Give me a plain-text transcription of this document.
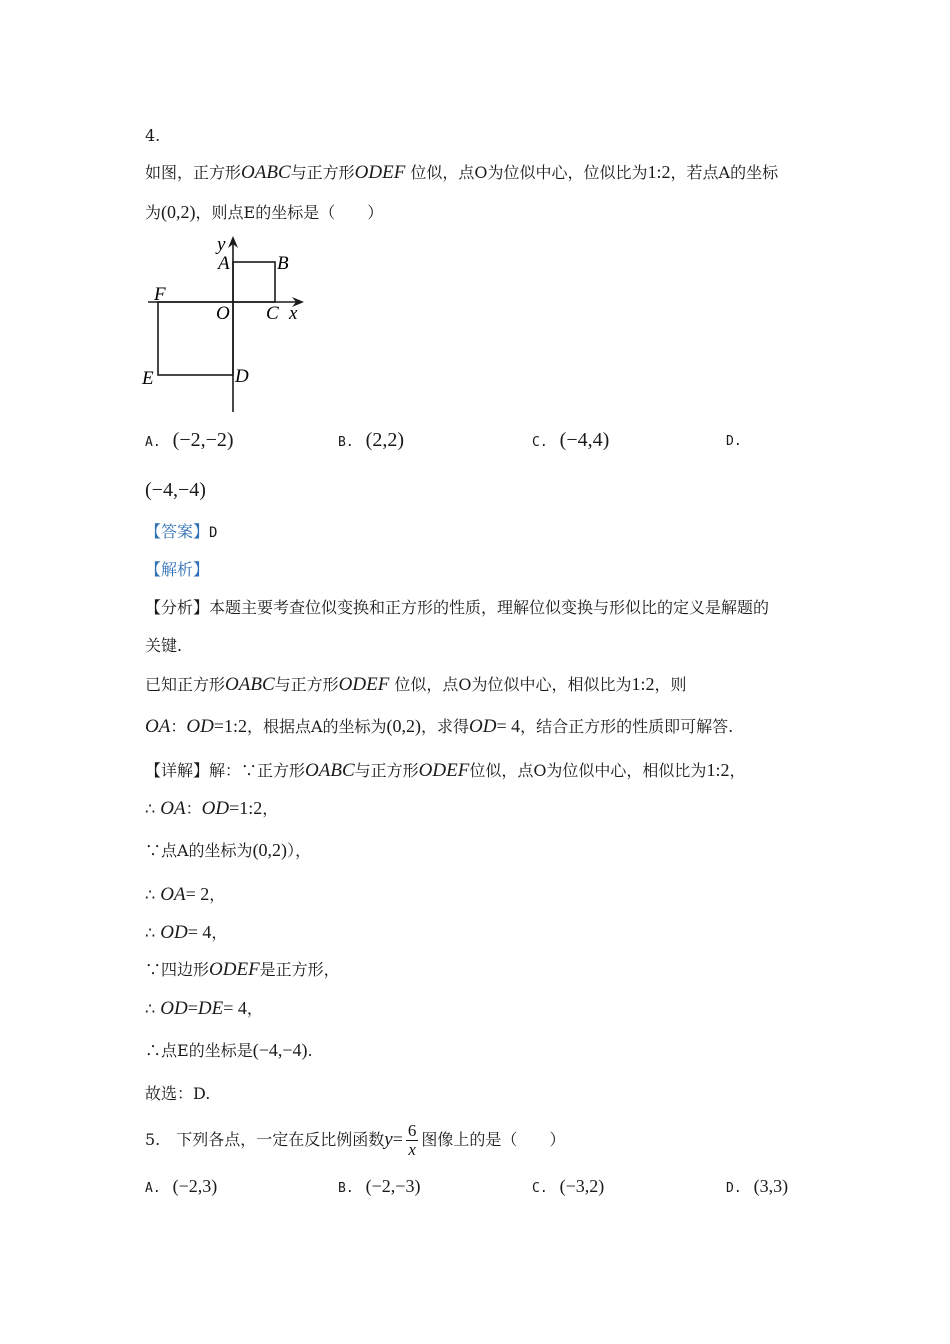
4.
如图，正方形OABC与正方形ODEF 位似，点O为位似中心，位似比为1:2，若点A的坐标
为(0,2)，则点E的坐标是（　　）
y
A B
F
O C x
E	D
A. (−2,−2)	B. (2,2)	C. (−4,4)	D.
(−4,−4)
【答案】D
【解析】
【分析】本题主要考查位似变换和正方形的性质，理解位似变换与形似比的定义是解题的
关键.
已知正方形OABC与正方形ODEF 位似，点O为位似中心，相似比为1:2，则
OA：OD=1:2，根据点A的坐标为(0,2)，求得OD= 4，结合正方形的性质即可解答.
【详解】解：∵正方形OABC与正方形ODEF位似，点O为位似中心，相似比为1:2，
∴ OA：OD=1:2，
∵点A的坐标为(0,2)），
∴ OA= 2，
∴ OD= 4，
∵四边形ODEF是正方形，
∴ OD=DE= 4，
∴点E的坐标是(−4,−4).
故选：D.
5.　下列各点，一定在反比例函数$y= \frac{6}{x}$ 图像上的是（　　）
A. (−2,3)	B. (−2,−3)	C. (−3,2)	D. (3,3)
